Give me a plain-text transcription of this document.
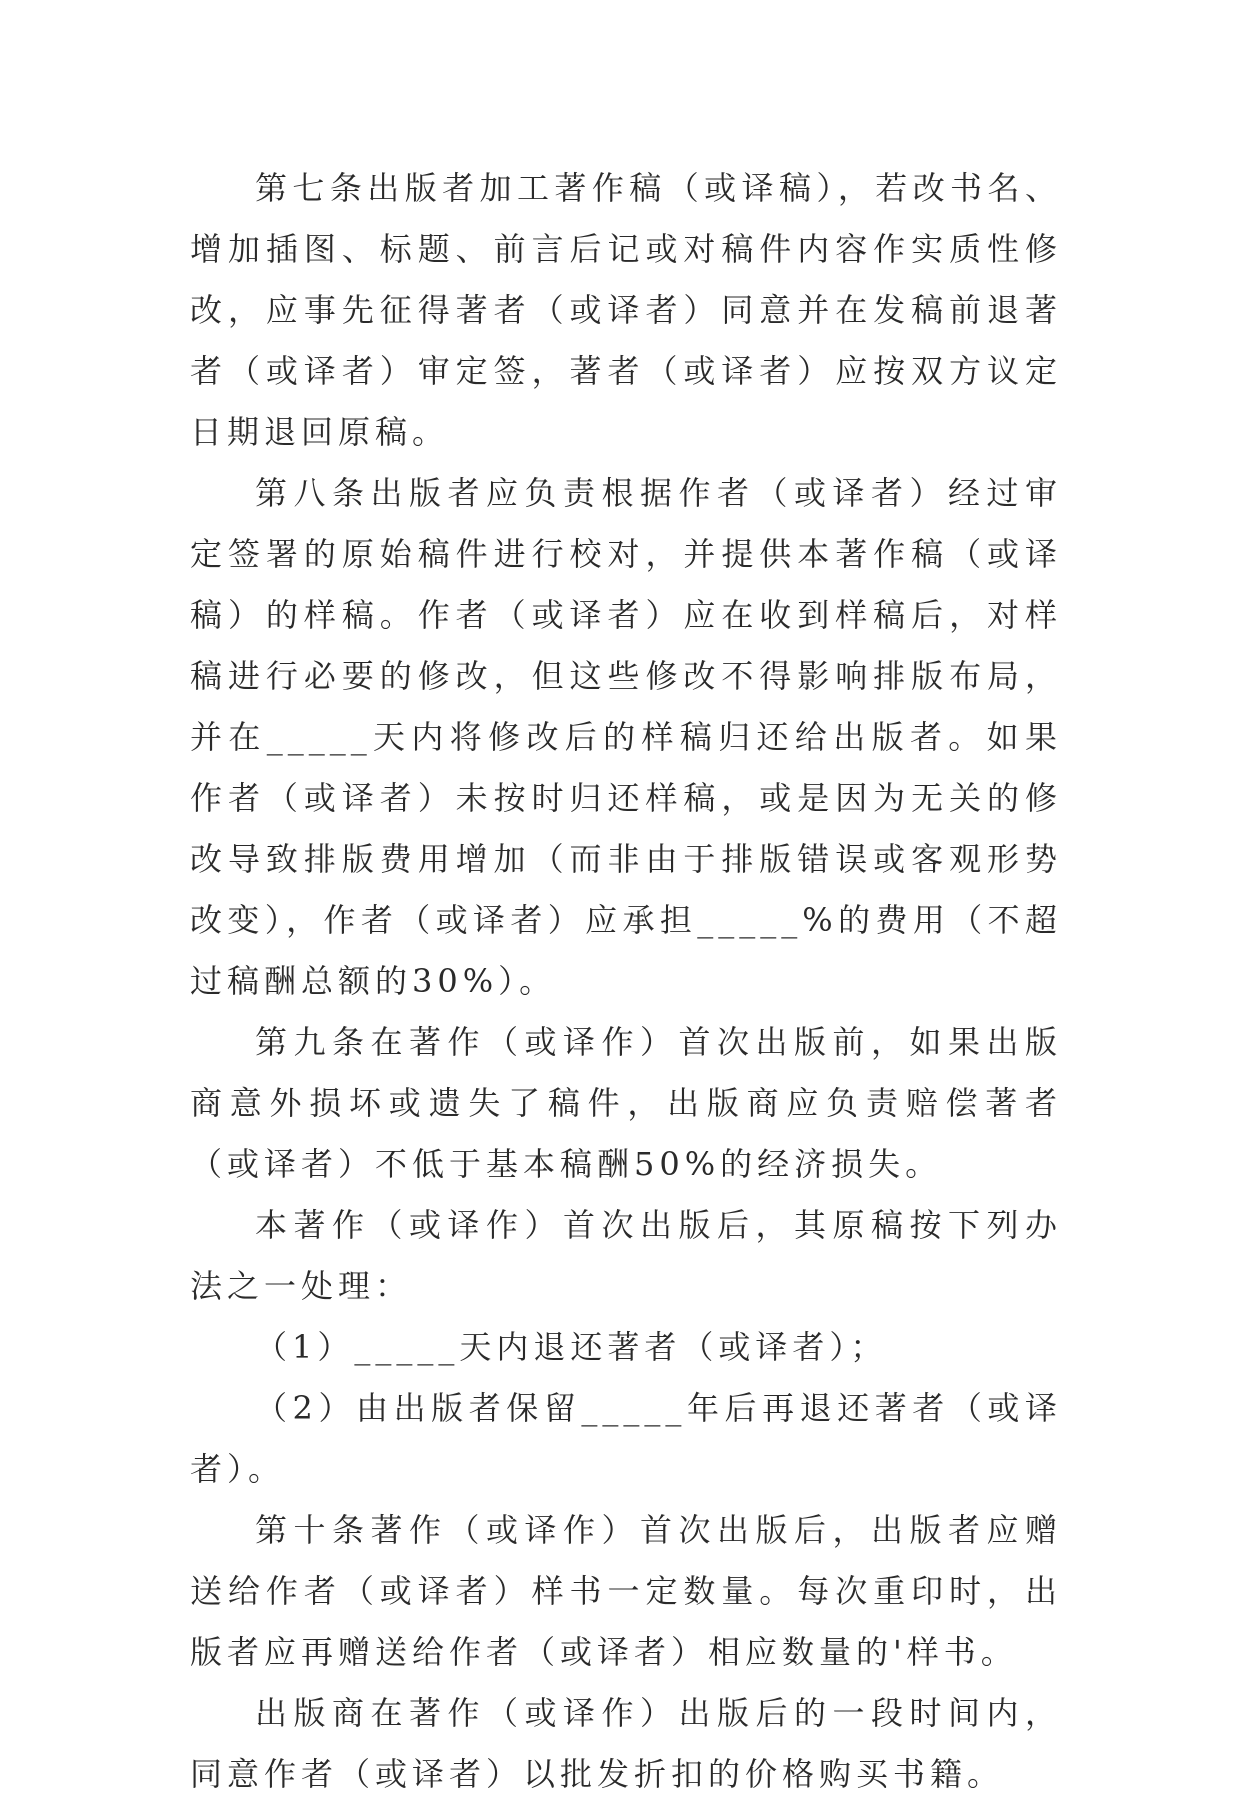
第七条出版者加工著作稿（或译稿），若改书名、增加插图、标题、前言后记或对稿件内容作实质性修改，应事先征得著者（或译者）同意并在发稿前退著者（或译者）审定签，著者（或译者）应按双方议定日期退回原稿。

第八条出版者应负责根据作者（或译者）经过审定签署的原始稿件进行校对，并提供本著作稿（或译稿）的样稿。作者（或译者）应在收到样稿后，对样稿进行必要的修改，但这些修改不得影响排版布局，并在_____天内将修改后的样稿归还给出版者。如果作者（或译者）未按时归还样稿，或是因为无关的修改导致排版费用增加（而非由于排版错误或客观形势改变），作者（或译者）应承担_____%的费用（不超过稿酬总额的30%）。

第九条在著作（或译作）首次出版前，如果出版商意外损坏或遗失了稿件，出版商应负责赔偿著者（或译者）不低于基本稿酬50%的经济损失。

本著作（或译作）首次出版后，其原稿按下列办法之一处理：

（1）_____天内退还著者（或译者）；

（2）由出版者保留_____年后再退还著者（或译者）。

第十条著作（或译作）首次出版后，出版者应赠送给作者（或译者）样书一定数量。每次重印时，出版者应再赠送给作者（或译者）相应数量的'样书。

出版商在著作（或译作）出版后的一段时间内，同意作者（或译者）以批发折扣的价格购买书籍。
